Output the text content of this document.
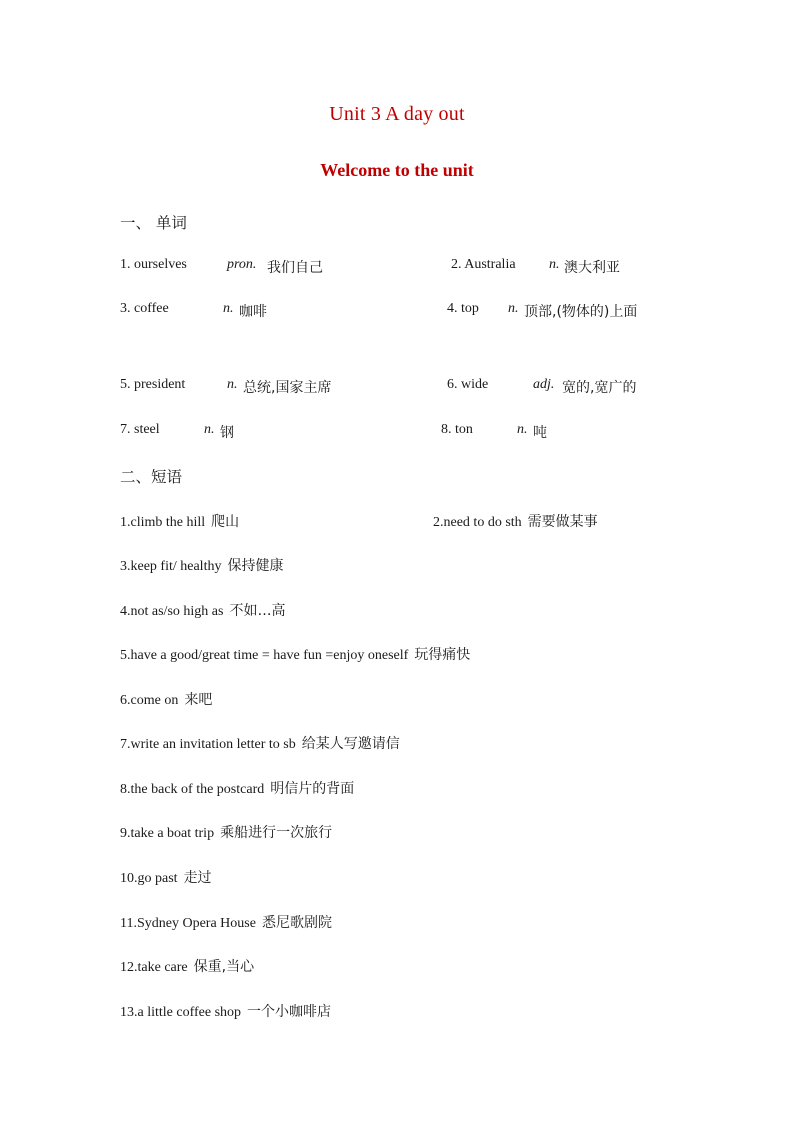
Unit 3 A day out
Welcome to the unit
一、 单词
1. ourselves	pron. 我们自己	2. Australia n. 澳大利亚
3. coffee	n. 咖啡	4. top n. 顶部,(物体的)上面
5. president	n. 总统,国家主席	6. wide	adj. 宽的,宽广的
7. steel	n. 钢	8. ton	n. 吨
二、短语
1.climb the hill 爬山	2.need to do sth 需要做某事
3.keep fit/ healthy 保持健康
4.not as/so high as 不如…高
5.have a good/great time = have fun =enjoy oneself 玩得痛快
6.come on 来吧
7.write an invitation letter to sb 给某人写邀请信
8.the back of the postcard 明信片的背面
9.take a boat trip 乘船进行一次旅行
10.go past 走过
11.Sydney Opera House 悉尼歌剧院
12.take care 保重,当心
13.a little coffee shop 一个小咖啡店
